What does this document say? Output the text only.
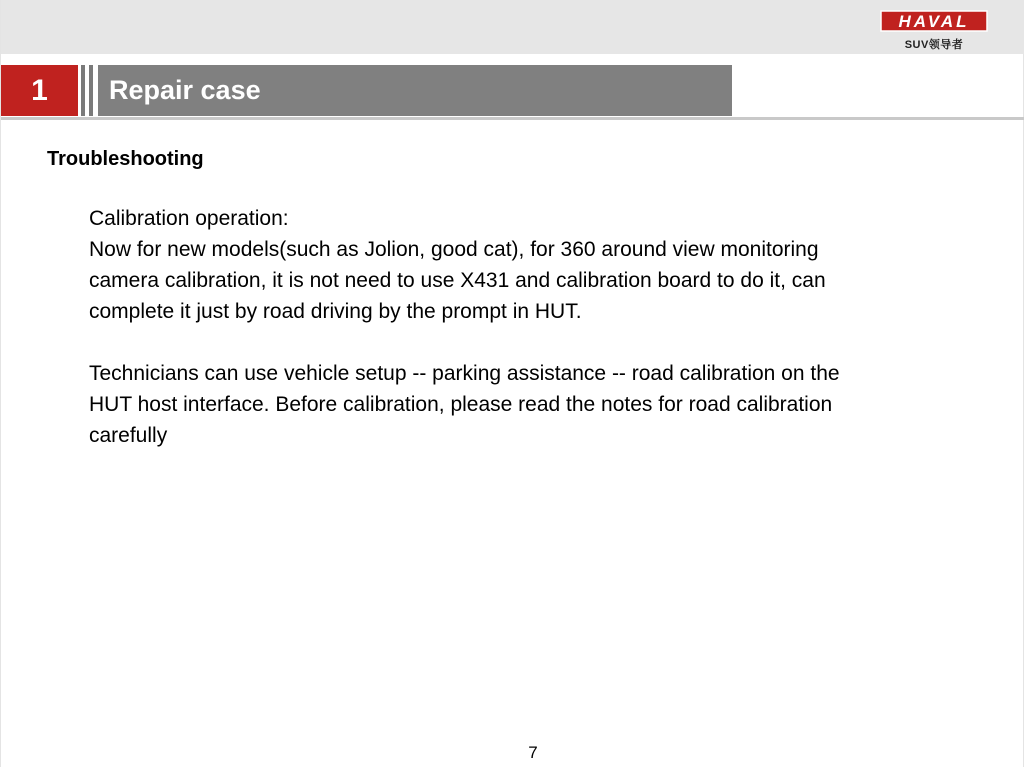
HAVAL
SUV领导者
1	Repair case
Troubleshooting

Calibration operation:

Now for new models(such as Jolion, good cat), for 360 around view monitoring

camera calibration, it is not need to use X431 and calibration board to do it, can

complete it just by road driving by the prompt in HUT.

Technicians can use vehicle setup -- parking assistance -- road calibration on the

HUT host interface. Before calibration, please read the notes for road calibration

carefully

7
